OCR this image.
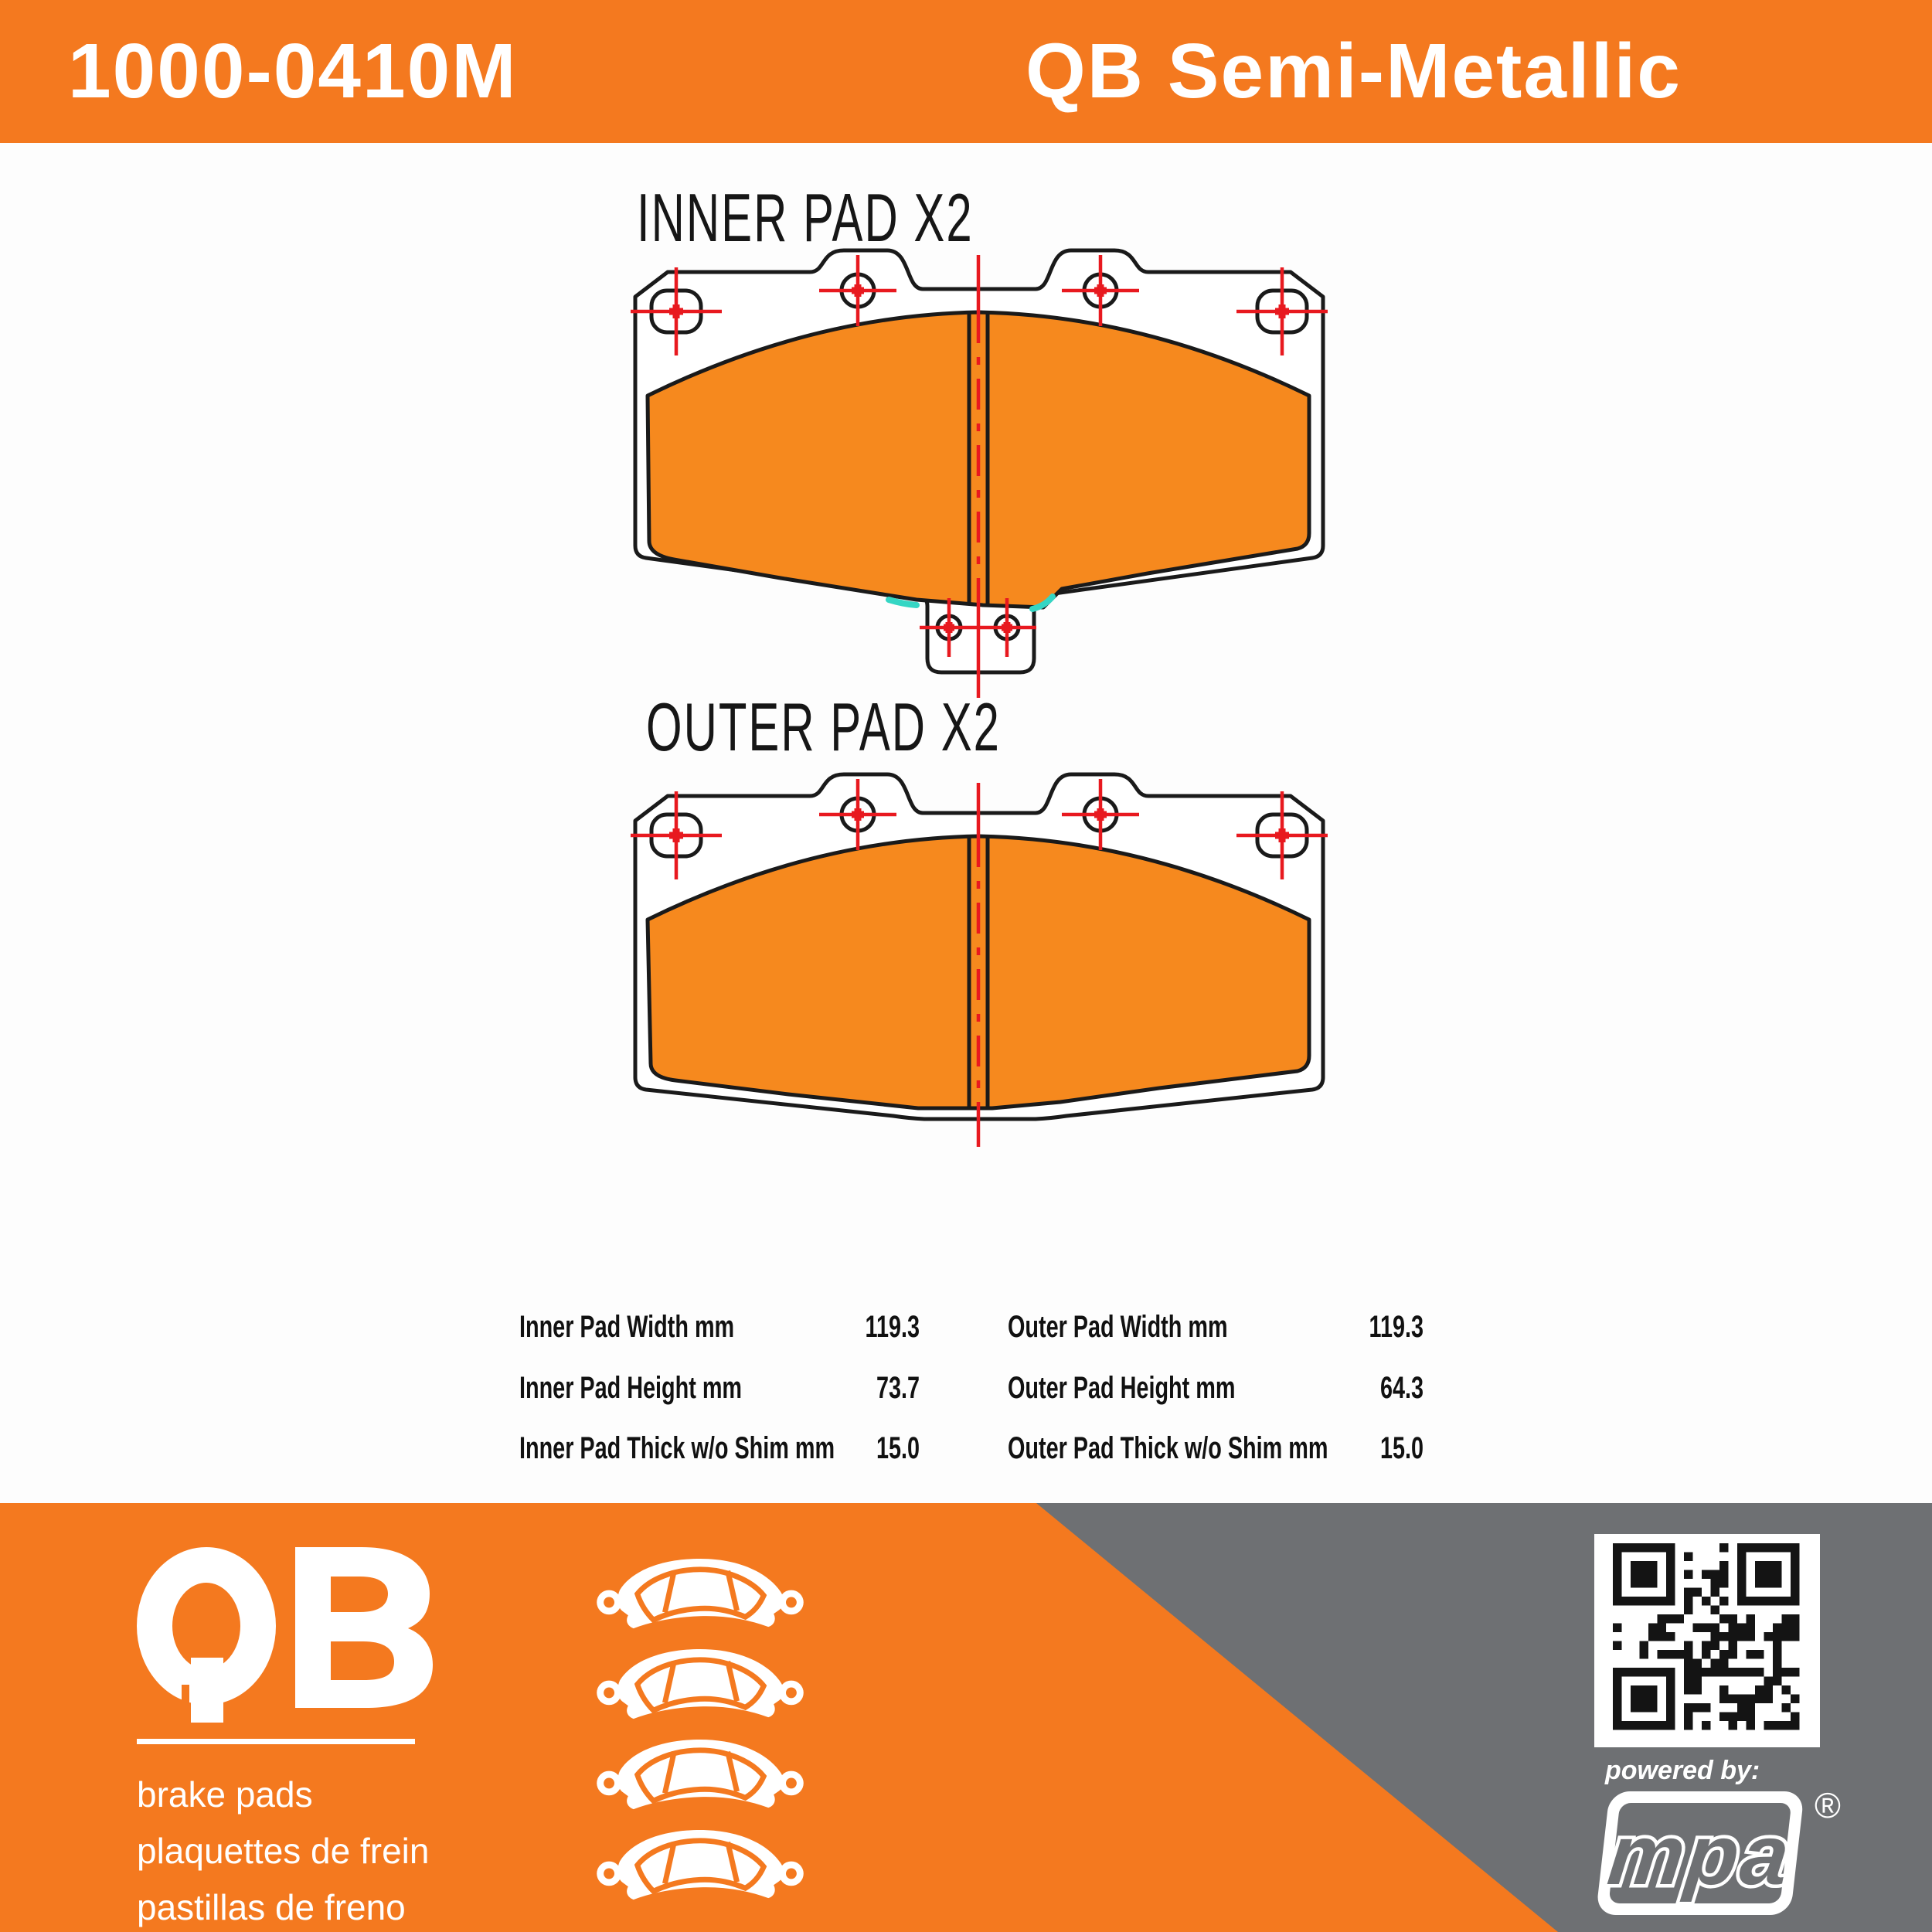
mpa
®
1000-0410M	QB Semi-Metallic
INNER PAD X2
OUTER PAD X2
Inner Pad Width mm	119.3	Outer Pad Width mm	119.3
Inner Pad Height mm	73.7	Outer Pad Height mm	64.3
Inner Pad Thick w/o Shim mm	15.0	Outer Pad Thick w/o Shim mm	15.0
brake pads
plaquettes de frein
pastillas de freno
powered by:
